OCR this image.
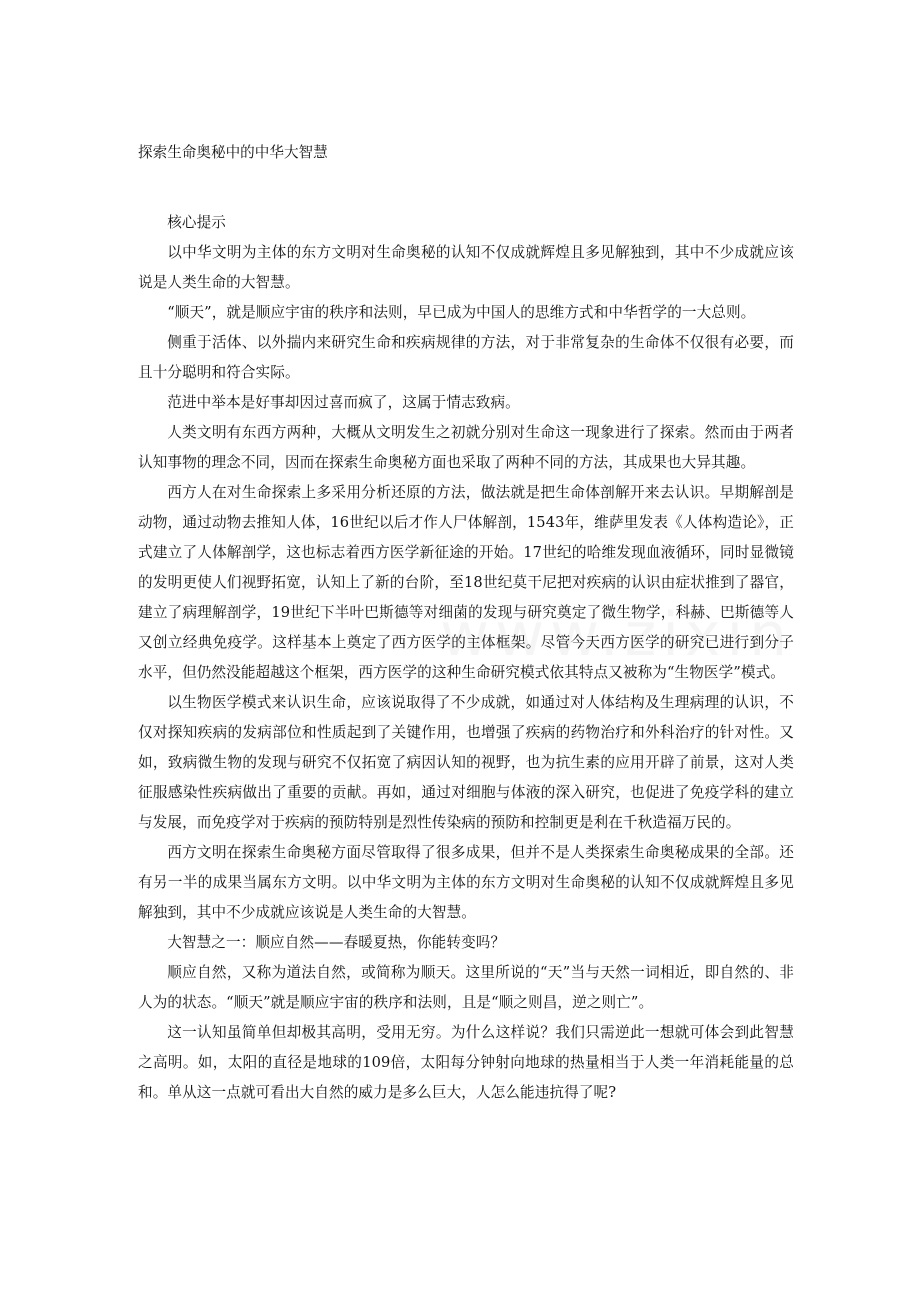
探索生命奥秘中的中华大智慧

核心提示

以中华文明为主体的东方文明对生命奥秘的认知不仅成就辉煌且多见解独到，其中不少成就应该说是人类生命的大智慧。

“顺天”，就是顺应宇宙的秩序和法则，早已成为中国人的思维方式和中华哲学的一大总则。

侧重于活体、以外揣内来研究生命和疾病规律的方法，对于非常复杂的生命体不仅很有必要，而且十分聪明和符合实际。

范进中举本是好事却因过喜而疯了，这属于情志致病。

人类文明有东西方两种，大概从文明发生之初就分别对生命这一现象进行了探索。然而由于两者认知事物的理念不同，因而在探索生命奥秘方面也采取了两种不同的方法，其成果也大异其趣。

西方人在对生命探索上多采用分析还原的方法，做法就是把生命体剖解开来去认识。早期解剖是动物，通过动物去推知人体，16世纪以后才作人尸体解剖，1543年，维萨里发表《人体构造论》，正式建立了人体解剖学，这也标志着西方医学新征途的开始。17世纪的哈维发现血液循环，同时显微镜的发明更使人们视野拓宽，认知上了新的台阶，至18世纪莫干尼把对疾病的认识由症状推到了器官，建立了病理解剖学，19世纪下半叶巴斯德等对细菌的发现与研究奠定了微生物学，科赫、巴斯德等人又创立经典免疫学。这样基本上奠定了西方医学的主体框架。尽管今天西方医学的研究已进行到分子水平，但仍然没能超越这个框架，西方医学的这种生命研究模式依其特点又被称为“生物医学”模式。

以生物医学模式来认识生命，应该说取得了不少成就，如通过对人体结构及生理病理的认识，不仅对探知疾病的发病部位和性质起到了关键作用，也增强了疾病的药物治疗和外科治疗的针对性。又如，致病微生物的发现与研究不仅拓宽了病因认知的视野，也为抗生素的应用开辟了前景，这对人类征服感染性疾病做出了重要的贡献。再如，通过对细胞与体液的深入研究，也促进了免疫学科的建立与发展，而免疫学对于疾病的预防特别是烈性传染病的预防和控制更是利在千秋造福万民的。

西方文明在探索生命奥秘方面尽管取得了很多成果，但并不是人类探索生命奥秘成果的全部。还有另一半的成果当属东方文明。以中华文明为主体的东方文明对生命奥秘的认知不仅成就辉煌且多见解独到，其中不少成就应该说是人类生命的大智慧。

大智慧之一：顺应自然——春暖夏热，你能转变吗？

顺应自然，又称为道法自然，或简称为顺天。这里所说的“天”当与天然一词相近，即自然的、非人为的状态。“顺天”就是顺应宇宙的秩序和法则，且是“顺之则昌，逆之则亡”。

这一认知虽简单但却极其高明，受用无穷。为什么这样说？我们只需逆此一想就可体会到此智慧之高明。如，太阳的直径是地球的109倍，太阳每分钟射向地球的热量相当于人类一年消耗能量的总和。单从这一点就可看出大自然的威力是多么巨大，人怎么能违抗得了呢?
